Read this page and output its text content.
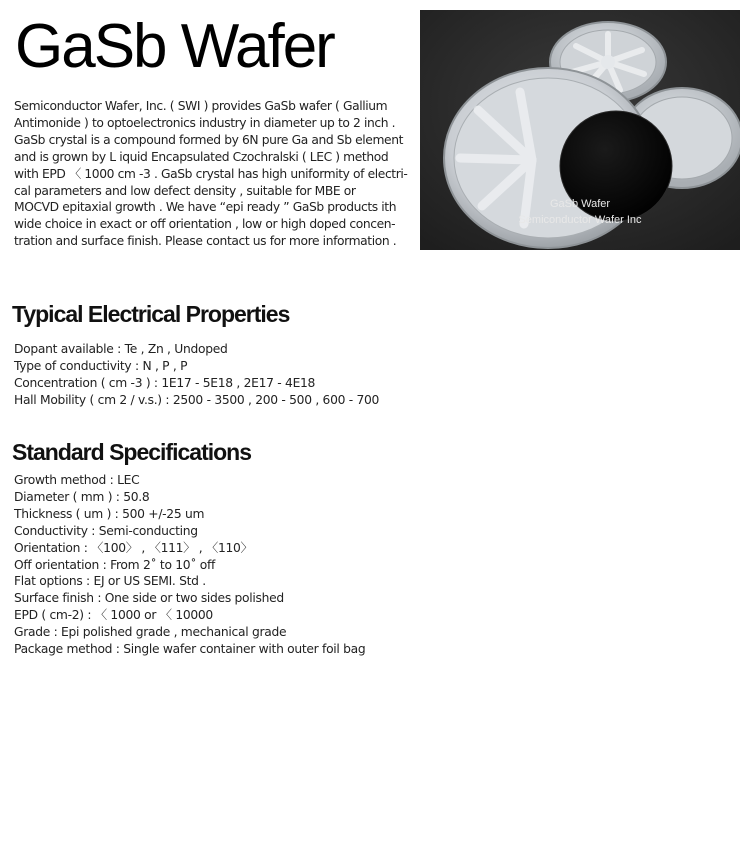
GaSb Wafer
Semiconductor Wafer, Inc. ( SWI ) provides GaSb wafer ( Gallium
Antimonide ) to optoelectronics industry in diameter up to 2 inch .
GaSb crystal is a compound formed by 6N pure Ga and Sb element
and is grown by L iquid Encapsulated Czochralski ( LEC ) method
with EPD 〈 1000 cm -3 . GaSb crystal has high uniformity of electri-
cal parameters and low defect density , suitable for MBE or
MOCVD epitaxial growth . We have “epi ready ” GaSb products ith
wide choice in exact or off orientation , low or high doped concen-
tration and surface finish. Please contact us for more information .
GaSb Wafer
Semiconductor Wafer Inc
Typical Electrical Properties
Dopant available : Te , Zn , Undoped
Type of conductivity : N , P , P
Concentration ( cm -3 ) : 1E17 - 5E18 , 2E17 - 4E18
Hall Mobility ( cm 2 / v.s.) : 2500 - 3500 , 200 - 500 , 600 - 700
Standard Specifications
Growth method : LEC
Diameter ( mm ) : 50.8
Thickness ( um ) : 500 +/-25 um
Conductivity : Semi-conducting
Orientation : 〈100〉 , 〈111〉 , 〈110〉
Off orientation : From 2˚ to 10˚ off
Flat options : EJ or US SEMI. Std .
Surface finish : One side or two sides polished
EPD ( cm-2) : 〈 1000 or 〈 10000
Grade : Epi polished grade , mechanical grade
Package method : Single wafer container with outer foil bag
